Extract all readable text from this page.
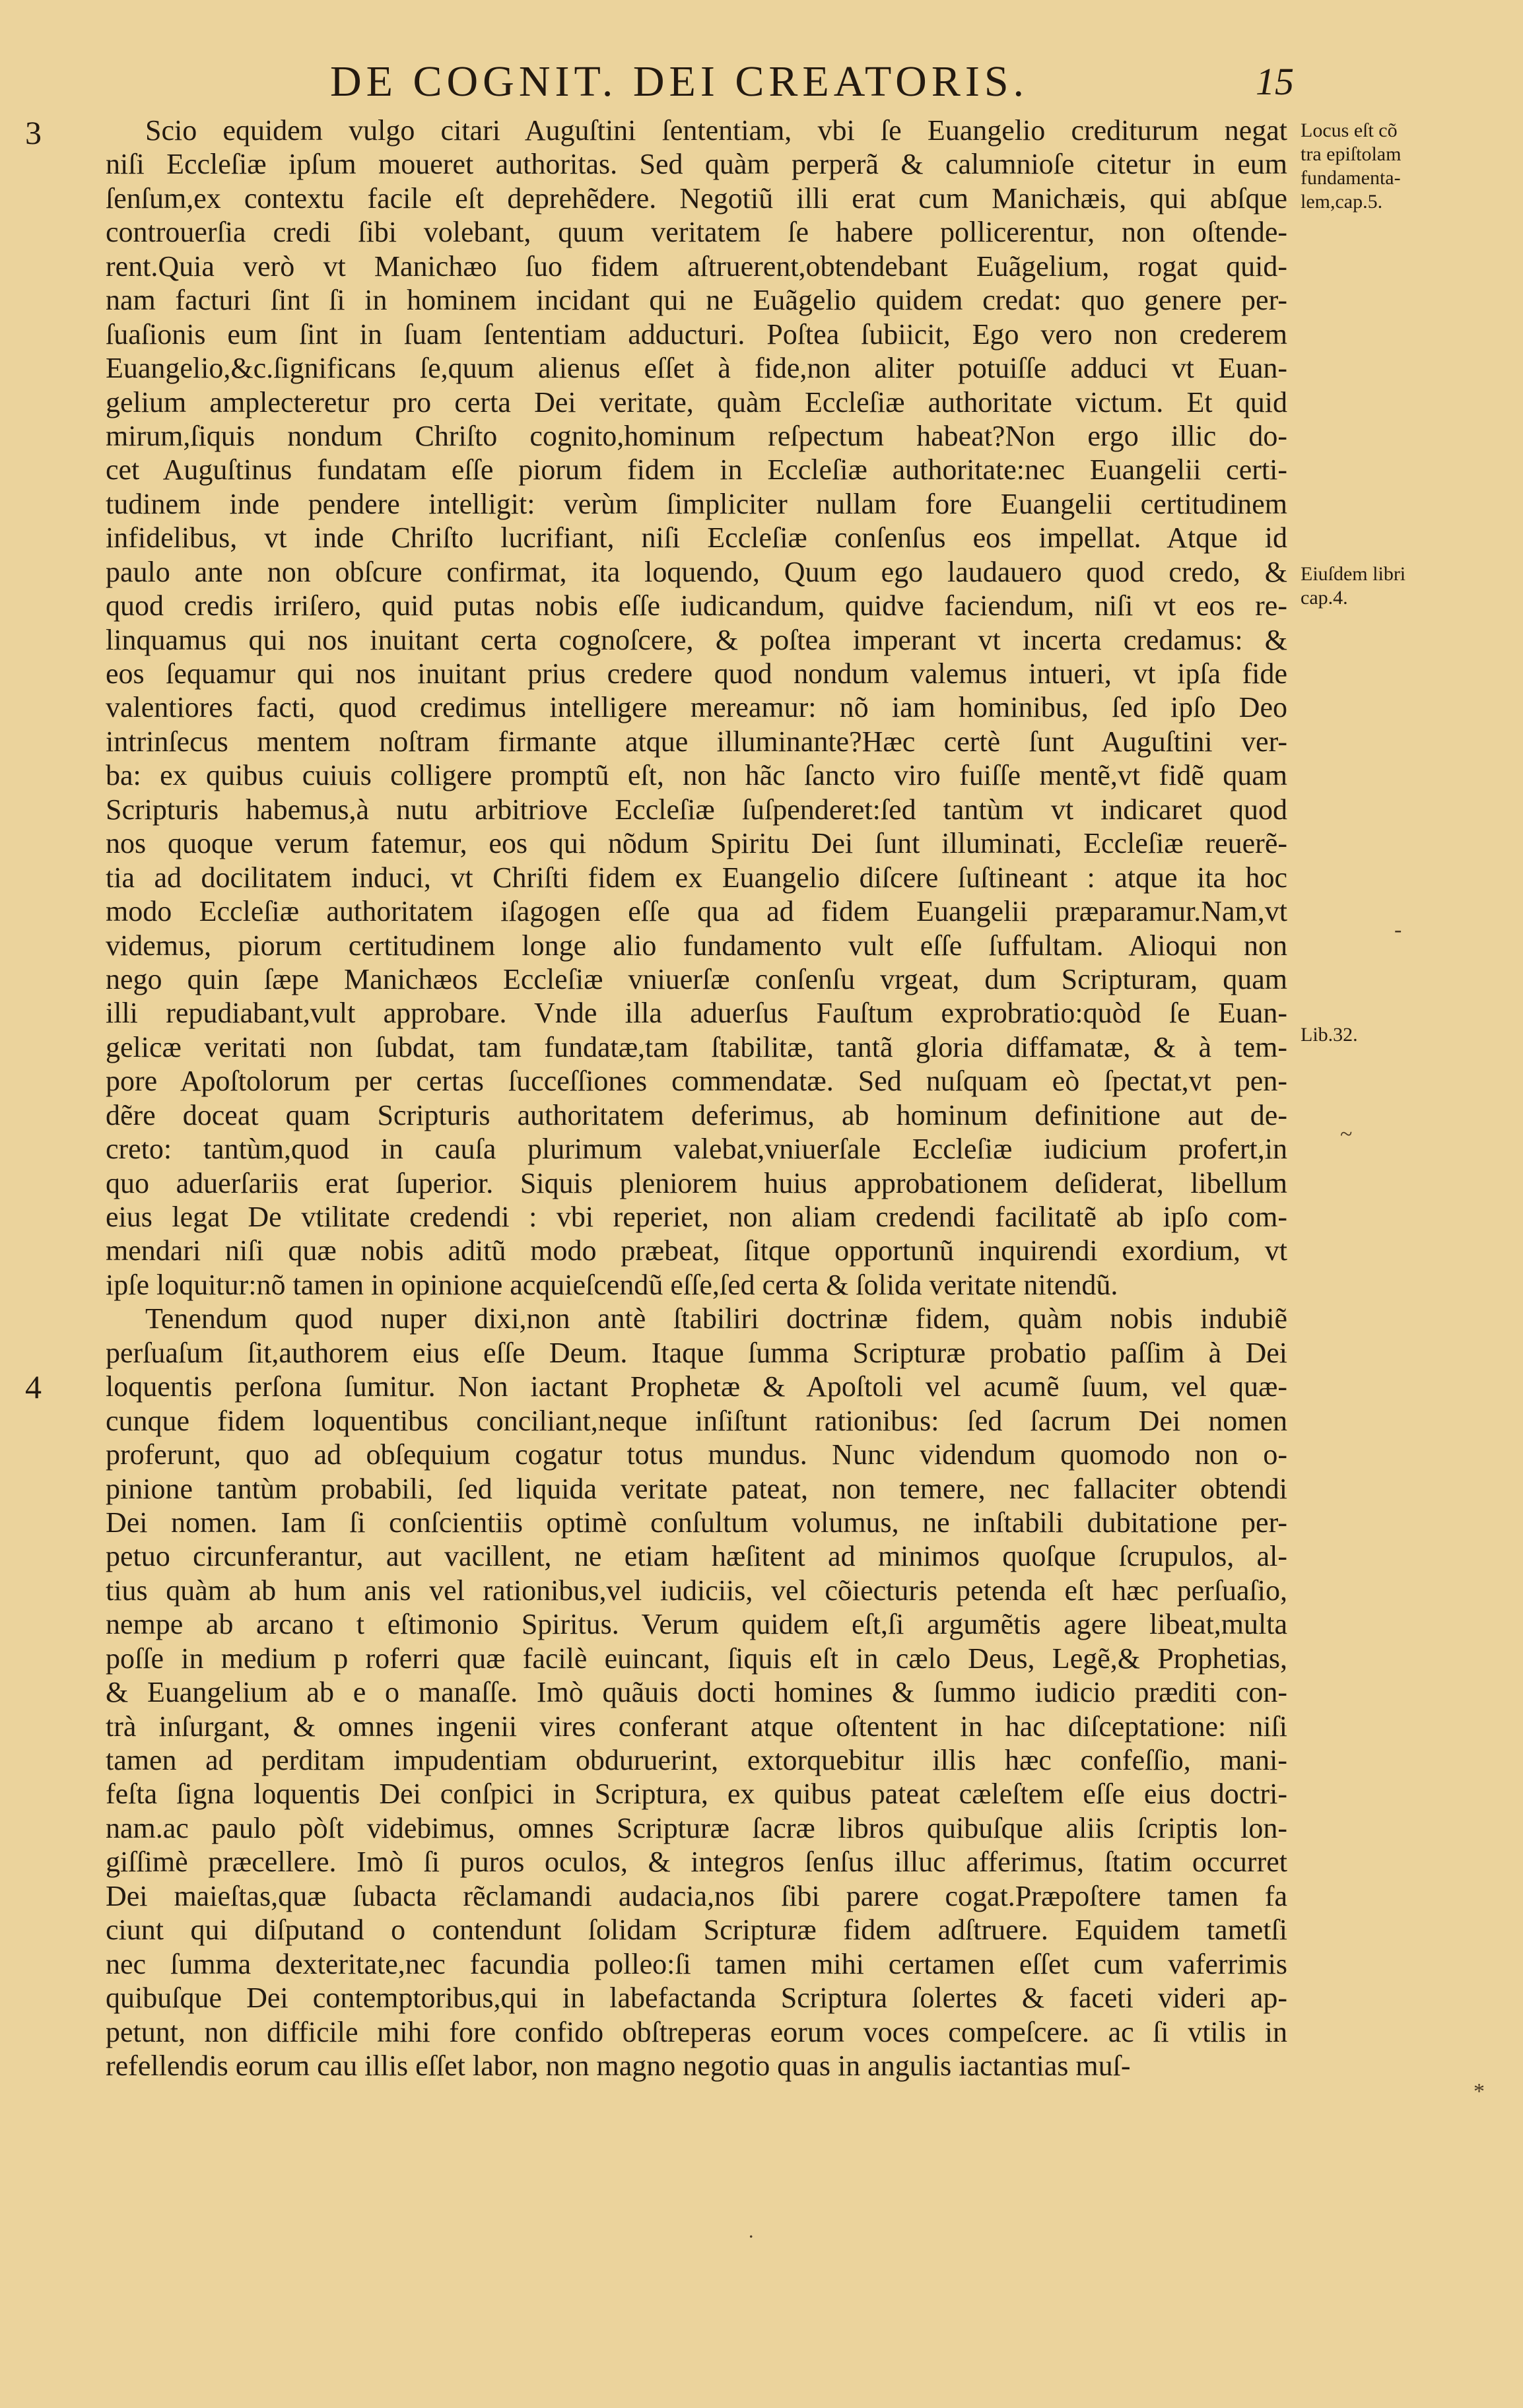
DE COGNIT. DEI CREATORIS.	15
3
4
Scio equidem vulgo citari Auguſtini ſententiam, vbi ſe Euangelio crediturum negat
niſi Eccleſiæ ipſum moueret authoritas. Sed quàm perperã & calumnioſe citetur in eum
ſenſum,ex contextu facile eſt deprehẽdere. Negotiũ illi erat cum Manichæis, qui abſque
controuerſia credi ſibi volebant, quum veritatem ſe habere pollicerentur, non oſtende-
rent.Quia verò vt Manichæo ſuo fidem aſtruerent,obtendebant Euãgelium, rogat quid-
nam facturi ſint ſi in hominem incidant qui ne Euãgelio quidem credat: quo genere per-
ſuaſionis eum ſint in ſuam ſententiam adducturi. Poſtea ſubiicit, Ego vero non crederem
Euangelio,&c.ſignificans ſe,quum alienus eſſet à fide,non aliter potuiſſe adduci vt Euan-
gelium amplecteretur pro certa Dei veritate, quàm Eccleſiæ authoritate victum. Et quid
mirum,ſiquis nondum Chriſto cognito,hominum reſpectum habeat?Non ergo illic do-
cet Auguſtinus fundatam eſſe piorum fidem in Eccleſiæ authoritate:nec Euangelii certi-
tudinem inde pendere intelligit: verùm ſimpliciter nullam fore Euangelii certitudinem
infidelibus, vt inde Chriſto lucrifiant, niſi Eccleſiæ conſenſus eos impellat. Atque id
paulo ante non obſcure confirmat, ita loquendo, Quum ego laudauero quod credo, &
quod credis irriſero, quid putas nobis eſſe iudicandum, quidve faciendum, niſi vt eos re-
linquamus qui nos inuitant certa cognoſcere, & poſtea imperant vt incerta credamus: &
eos ſequamur qui nos inuitant prius credere quod nondum valemus intueri, vt ipſa fide
valentiores facti, quod credimus intelligere mereamur: nõ iam hominibus, ſed ipſo Deo
intrinſecus mentem noſtram firmante atque illuminante?Hæc certè ſunt Auguſtini ver-
ba: ex quibus cuiuis colligere promptũ eſt, non hãc ſancto viro fuiſſe mentẽ,vt fidẽ quam
Scripturis habemus,à nutu arbitriove Eccleſiæ ſuſpenderet:ſed tantùm vt indicaret quod
nos quoque verum fatemur, eos qui nõdum Spiritu Dei ſunt illuminati, Eccleſiæ reuerẽ-
tia ad docilitatem induci, vt Chriſti fidem ex Euangelio diſcere ſuſtineant : atque ita hoc
modo Eccleſiæ authoritatem iſagogen eſſe qua ad fidem Euangelii præparamur.Nam,vt
videmus, piorum certitudinem longe alio fundamento vult eſſe ſuffultam. Alioqui non
nego quin ſæpe Manichæos Eccleſiæ vniuerſæ conſenſu vrgeat, dum Scripturam, quam
illi repudiabant,vult approbare. Vnde illa aduerſus Fauſtum exprobratio:quòd ſe Euan-
gelicæ veritati non ſubdat, tam fundatæ,tam ſtabilitæ, tantã gloria diffamatæ, & à tem-
pore Apoſtolorum per certas ſucceſſiones commendatæ. Sed nuſquam eò ſpectat,vt pen-
dẽre doceat quam Scripturis authoritatem deferimus, ab hominum definitione aut de-
creto: tantùm,quod in cauſa plurimum valebat,vniuerſale Eccleſiæ iudicium profert,in
quo aduerſariis erat ſuperior. Siquis pleniorem huius approbationem deſiderat, libellum
eius legat De vtilitate credendi : vbi reperiet, non aliam credendi facilitatẽ ab ipſo com-
mendari niſi quæ nobis aditũ modo præbeat, ſitque opportunũ inquirendi exordium, vt
ipſe loquitur:nõ tamen in opinione acquieſcendũ eſſe,ſed certa & ſolida veritate nitendũ.
Tenendum quod nuper dixi,non antè ſtabiliri doctrinæ fidem, quàm nobis indubiẽ
perſuaſum ſit,authorem eius eſſe Deum. Itaque ſumma Scripturæ probatio paſſim à Dei
loquentis perſona ſumitur. Non iactant Prophetæ & Apoſtoli vel acumẽ ſuum, vel quæ-
cunque fidem loquentibus conciliant,neque inſiſtunt rationibus: ſed ſacrum Dei nomen
proferunt, quo ad obſequium cogatur totus mundus. Nunc videndum quomodo non o-
pinione tantùm probabili, ſed liquida veritate pateat, non temere, nec fallaciter obtendi
Dei nomen. Iam ſi conſcientiis optimè conſultum volumus, ne inſtabili dubitatione per-
petuo circunferantur, aut vacillent, ne etiam hæſitent ad minimos quoſque ſcrupulos, al-
tius quàm ab hum anis vel rationibus,vel iudiciis, vel cõiecturis petenda eſt hæc perſuaſio,
nempe ab arcano t eſtimonio Spiritus. Verum quidem eſt,ſi argumẽtis agere libeat,multa
poſſe in medium p roferri quæ facilè euincant, ſiquis eſt in cælo Deus, Legẽ,& Prophetias,
& Euangelium ab e o manaſſe. Imò quãuis docti homines & ſummo iudicio præditi con-
trà inſurgant, & omnes ingenii vires conferant atque oſtentent in hac diſceptatione: niſi
tamen ad perditam impudentiam obduruerint, extorquebitur illis hæc confeſſio, mani-
feſta ſigna loquentis Dei conſpici in Scriptura, ex quibus pateat cæleſtem eſſe eius doctri-
nam.ac paulo pòſt videbimus, omnes Scripturæ ſacræ libros quibuſque aliis ſcriptis lon-
giſſimè præcellere. Imò ſi puros oculos, & integros ſenſus illuc afferimus, ſtatim occurret
Dei maieſtas,quæ ſubacta rẽclamandi audacia,nos ſibi parere cogat.Præpoſtere tamen fa
ciunt qui diſputand o contendunt ſolidam Scripturæ fidem adſtruere. Equidem tametſi
nec ſumma dexteritate,nec facundia polleo:ſi tamen mihi certamen eſſet cum vaferrimis
quibuſque Dei contemptoribus,qui in labefactanda Scriptura ſolertes & faceti videri ap-
petunt, non difficile mihi fore confido obſtreperas eorum voces compeſcere. ac ſi vtilis in
refellendis eorum cau illis eſſet labor, non magno negotio quas in angulis iactantias muſ-
Locus eſt cõ
tra epiſtolam
fundamenta-
lem,cap.5.
Eiuſdem libri
cap.4.
Lib.32.
-
~
*
˙
